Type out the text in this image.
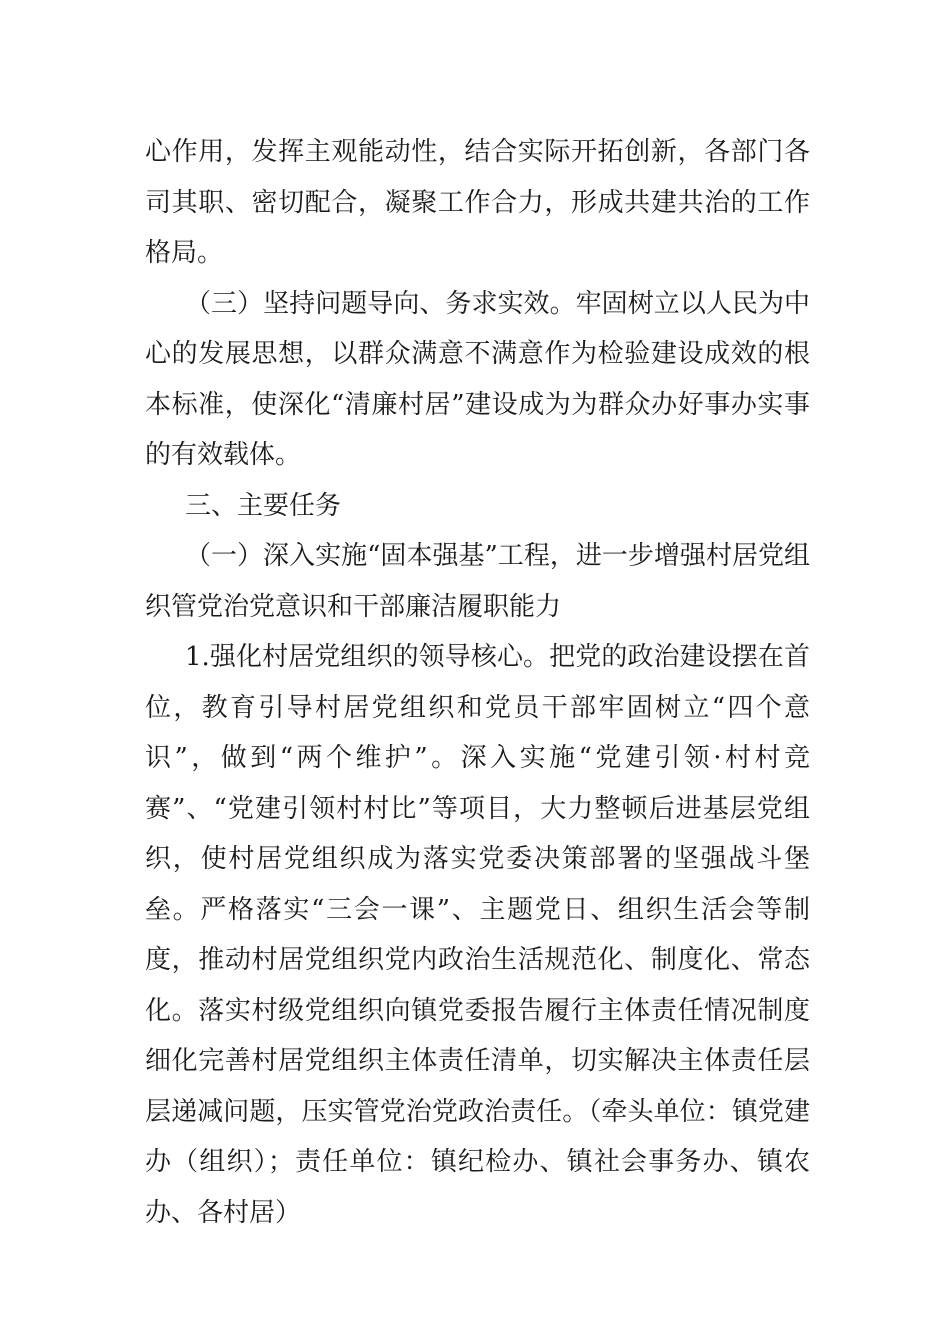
心作用，发挥主观能动性，结合实际开拓创新，各部门各司其职、密切配合，凝聚工作合力，形成共建共治的工作格局。

（三）坚持问题导向、务求实效。牢固树立以人民为中心的发展思想，以群众满意不满意作为检验建设成效的根本标准，使深化“清廉村居”建设成为为群众办好事办实事的有效载体。

三、主要任务

（一）深入实施“固本强基”工程，进一步增强村居党组织管党治党意识和干部廉洁履职能力

1.强化村居党组织的领导核心。把党的政治建设摆在首位，教育引导村居党组织和党员干部牢固树立“四个意识”，做到“两个维护”。深入实施“党建引领·村村竞赛”、“党建引领村村比”等项目，大力整顿后进基层党组织，使村居党组织成为落实党委决策部署的坚强战斗堡垒。严格落实“三会一课”、主题党日、组织生活会等制度，推动村居党组织党内政治生活规范化、制度化、常态化。落实村级党组织向镇党委报告履行主体责任情况制度细化完善村居党组织主体责任清单，切实解决主体责任层层递减问题，压实管党治党政治责任。（牵头单位：镇党建办（组织）；责任单位：镇纪检办、镇社会事务办、镇农办、各村居）
